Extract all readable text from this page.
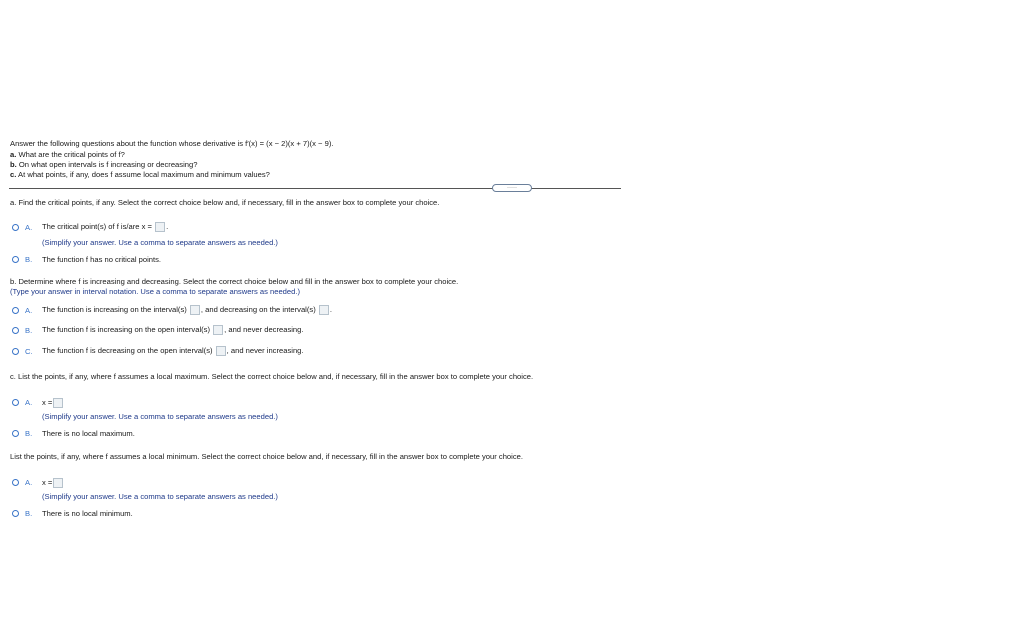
Answer the following questions about the function whose derivative is f′(x) = (x − 2)(x + 7)(x − 9).
a. What are the critical points of f?
b. On what open intervals is f increasing or decreasing?
c. At what points, if any, does f assume local maximum and minimum values?
·····
a. Find the critical points, if any. Select the correct choice below and, if necessary, fill in the answer box to complete your choice.
A. The critical point(s) of f is/are x = .
(Simplify your answer. Use a comma to separate answers as needed.)
B. The function f has no critical points.
b. Determine where f is increasing and decreasing. Select the correct choice below and fill in the answer box to complete your choice.
(Type your answer in interval notation. Use a comma to separate answers as needed.)
A. The function is increasing on the interval(s) , and decreasing on the interval(s) .
B. The function f is increasing on the open interval(s) , and never decreasing.
C. The function f is decreasing on the open interval(s) , and never increasing.
c. List the points, if any, where f assumes a local maximum. Select the correct choice below and, if necessary, fill in the answer box to complete your choice.
A. x =
(Simplify your answer. Use a comma to separate answers as needed.)
B. There is no local maximum.
List the points, if any, where f assumes a local minimum. Select the correct choice below and, if necessary, fill in the answer box to complete your choice.
A. x =
(Simplify your answer. Use a comma to separate answers as needed.)
B. There is no local minimum.
